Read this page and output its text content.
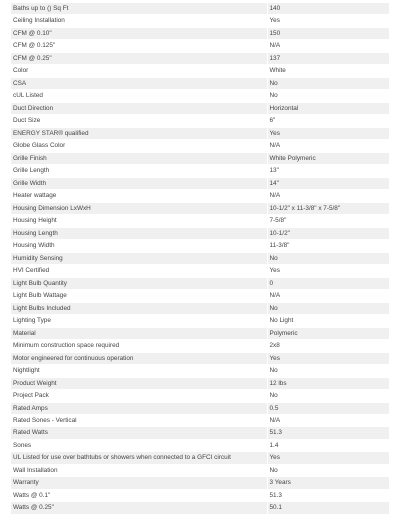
Baths up to () Sq Ft	140
Ceiling Installation	Yes
CFM @ 0.10"	150
CFM @ 0.125"	N/A
CFM @ 0.25"	137
Color	White
CSA	No
cUL Listed	No
Duct Direction	Horizontal
Duct Size	6"
ENERGY STAR® qualified	Yes
Globe Glass Color	N/A
Grille Finish	White Polymeric
Grille Length	13"
Grille Width	14"
Heater wattage	N/A
Housing Dimension LxWxH	10-1/2" x 11-3/8" x 7-5/8"
Housing Height	7-5/8"
Housing Length	10-1/2"
Housing Width	11-3/8"
Humidity Sensing	No
HVI Certified	Yes
Light Bulb Quantity	0
Light Bulb Wattage	N/A
Light Bulbs Included	No
Lighting Type	No Light
Material	Polymeric
Minimum construction space required	2x8
Motor engineered for continuous operation	Yes
Nightlight	No
Product Weight	12 lbs
Project Pack	No
Rated Amps	0.5
Rated Sones - Vertical	N/A
Rated Watts	51.3
Sones	1.4
UL Listed for use over bathtubs or showers when connected to a GFCI circuit	Yes
Wall Installation	No
Warranty	3 Years
Watts @ 0.1"	51.3
Watts @ 0.25"	50.1
